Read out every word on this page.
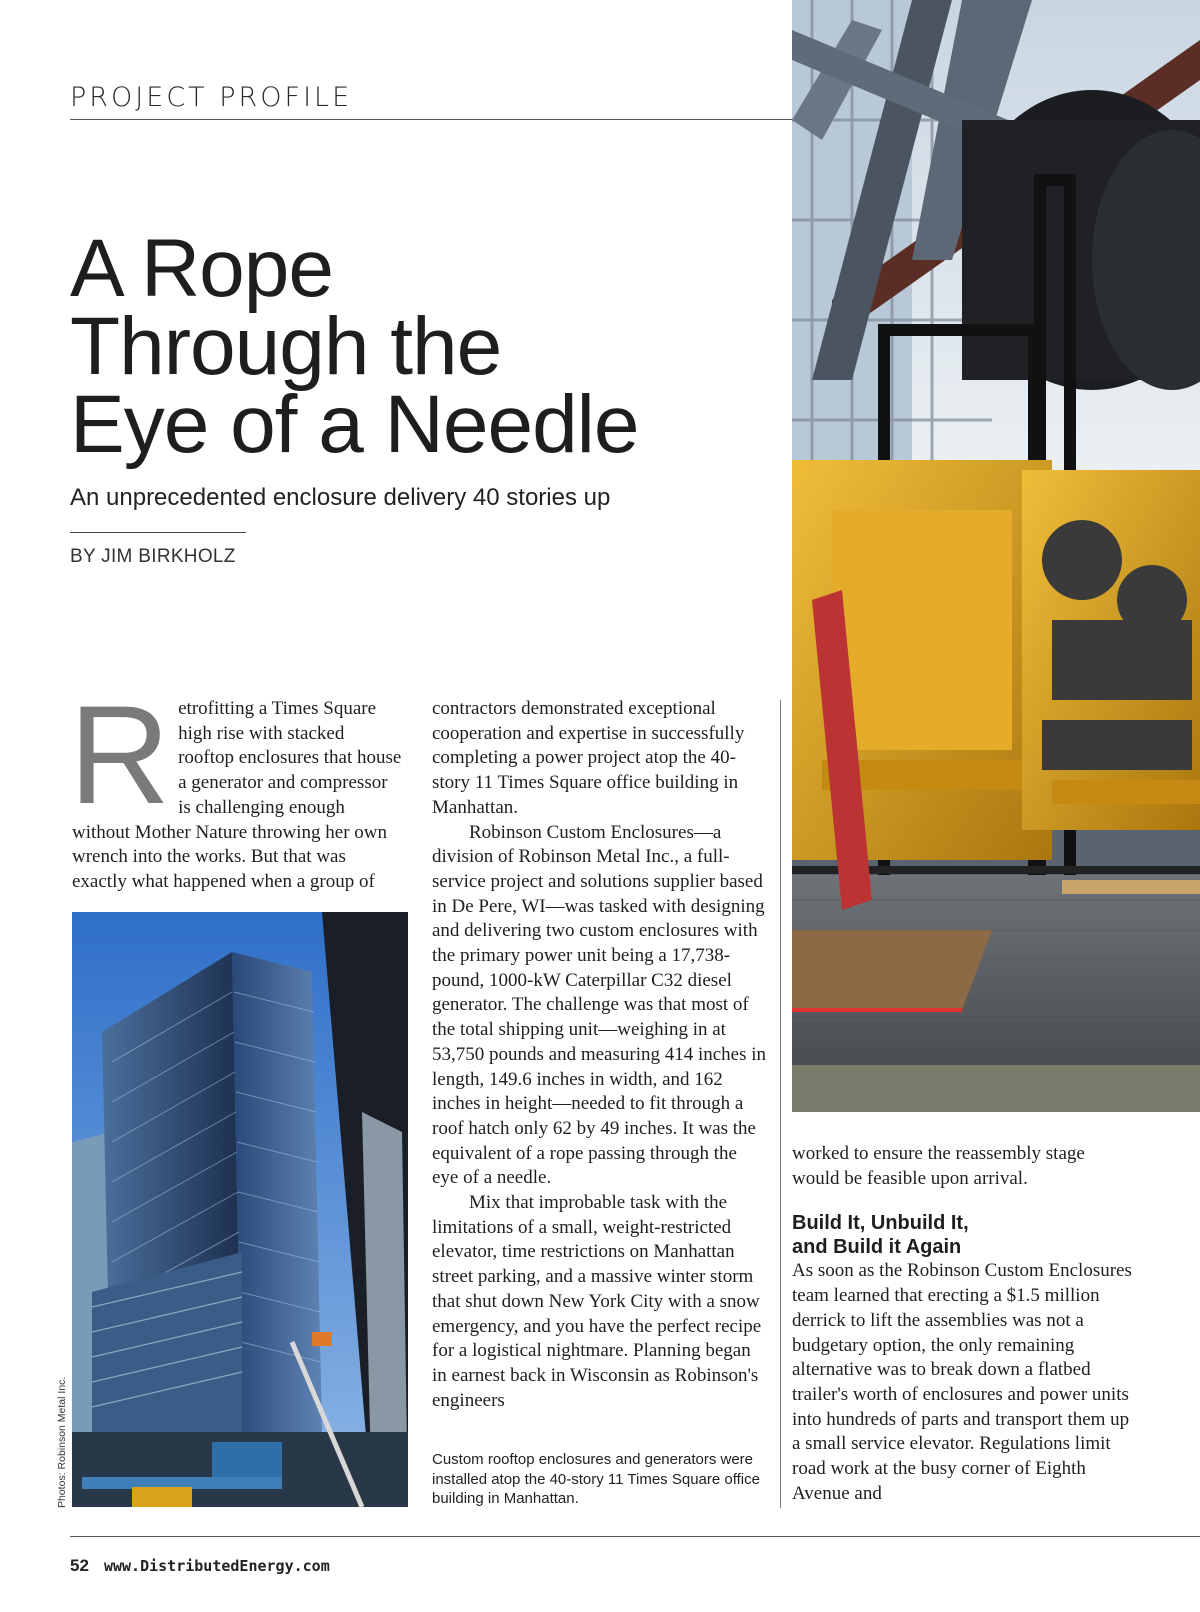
PROJECT PROFILE
A Rope
Through the
Eye of a Needle
An unprecedented enclosure delivery 40 stories up
BY JIM BIRKHOLZ

R etrofitting a Times Square high rise with stacked rooftop enclosures that house a generator and compressor is challenging enough without Mother Nature throwing her own wrench into the works. But that was exactly what happened when a group of

Photos: Robinson Metal Inc.

contractors demonstrated exceptional cooperation and expertise in successfully completing a power project atop the 40-story 11 Times Square office building in Manhattan.

Robinson Custom Enclosures—a division of Robinson Metal Inc., a full-service project and solutions supplier based in De Pere, WI—was tasked with designing and delivering two custom enclosures with the primary power unit being a 17,738-pound, 1000-kW Caterpillar C32 diesel generator. The challenge was that most of the total shipping unit—weighing in at 53,750 pounds and measuring 414 inches in length, 149.6 inches in width, and 162 inches in height—needed to fit through a roof hatch only 62 by 49 inches. It was the equivalent of a rope passing through the eye of a needle.

Mix that improbable task with the limitations of a small, weight-restricted elevator, time restrictions on Manhattan street parking, and a massive winter storm that shut down New York City with a snow emergency, and you have the perfect recipe for a logistical nightmare. Planning began in earnest back in Wisconsin as Robinson's engineers

Custom rooftop enclosures and generators were installed atop the 40-story 11 Times Square office building in Manhattan.

worked to ensure the reassembly stage would be feasible upon arrival.

Build It, Unbuild It,
and Build it Again

As soon as the Robinson Custom Enclosures team learned that erecting a $1.5 million derrick to lift the assemblies was not a budgetary option, the only remaining alternative was to break down a flatbed trailer's worth of enclosures and power units into hundreds of parts and transport them up a small service elevator. Regulations limit road work at the busy corner of Eighth Avenue and

52 www.DistributedEnergy.com
